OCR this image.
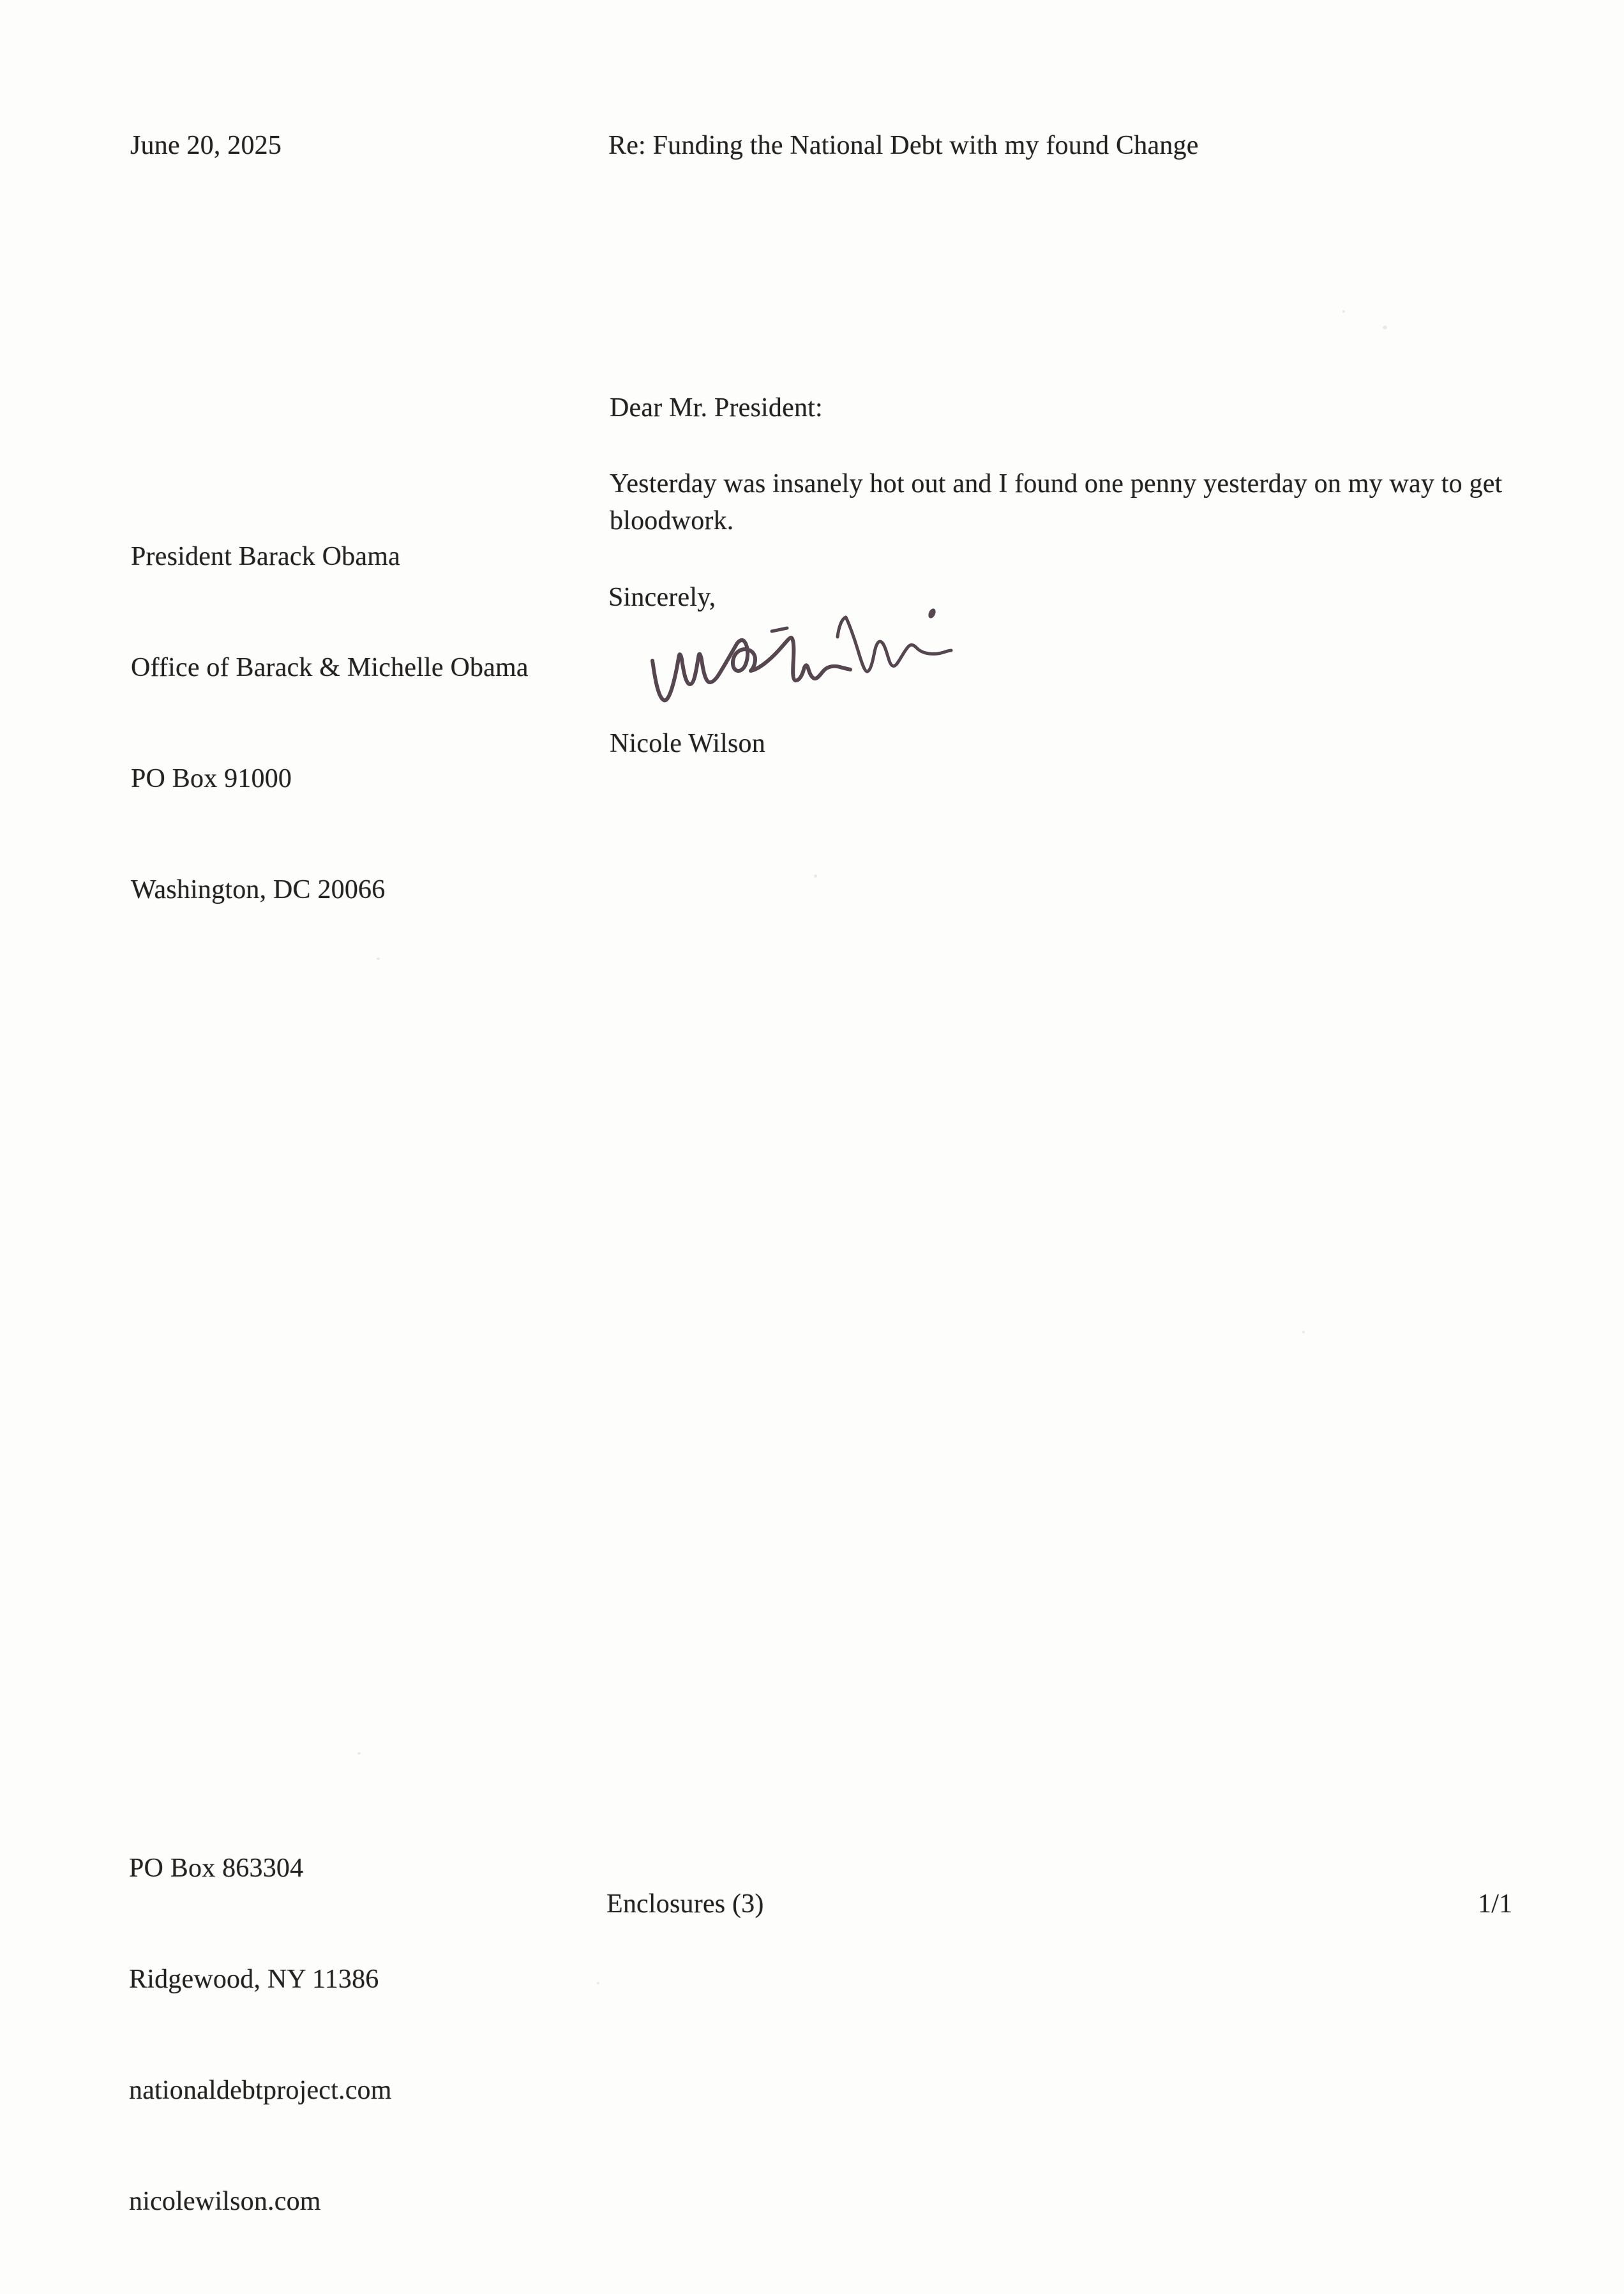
June 20, 2025	Re: Funding the National Debt with my found Change
Dear Mr. President:

President Barack Obama

Office of Barack & Michelle Obama

PO Box 91000

Washington, DC 20066

Yesterday was insanely hot out and I found one penny yesterday on my way to get bloodwork.
Sincerely,
Nicole Wilson

PO Box 863304

Ridgewood, NY 11386

nationaldebtproject.com

nicolewilson.com

Enclosures (3)	1/1
